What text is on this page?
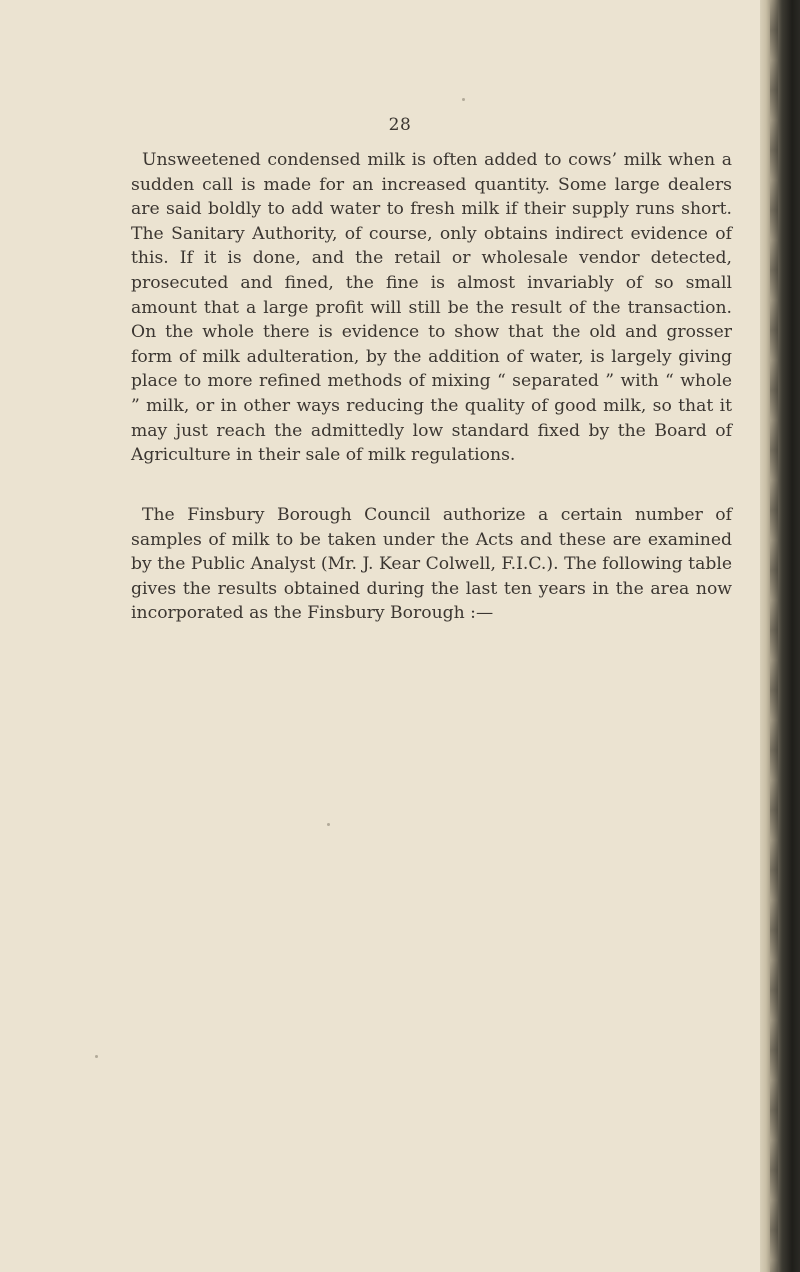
28

Unsweetened condensed milk is often added to cows’ milk when a sudden call is made for an increased quantity. Some large dealers are said boldly to add water to fresh milk if their supply runs short. The Sanitary Authority, of course, only obtains indirect evidence of this. If it is done, and the retail or wholesale vendor detected, prosecuted and fined, the fine is almost invariably of so small amount that a large profit will still be the result of the transaction. On the whole there is evidence to show that the old and grosser form of milk adulteration, by the addition of water, is largely giving place to more refined methods of mixing “ separated ” with “ whole ” milk, or in other ways reducing the quality of good milk, so that it may just reach the admittedly low standard fixed by the Board of Agriculture in their sale of milk regulations.

The Finsbury Borough Council authorize a certain number of samples of milk to be taken under the Acts and these are examined by the Public Analyst (Mr. J. Kear Colwell, F.I.C.). The following table gives the results obtained during the last ten years in the area now incorporated as the Finsbury Borough :—
